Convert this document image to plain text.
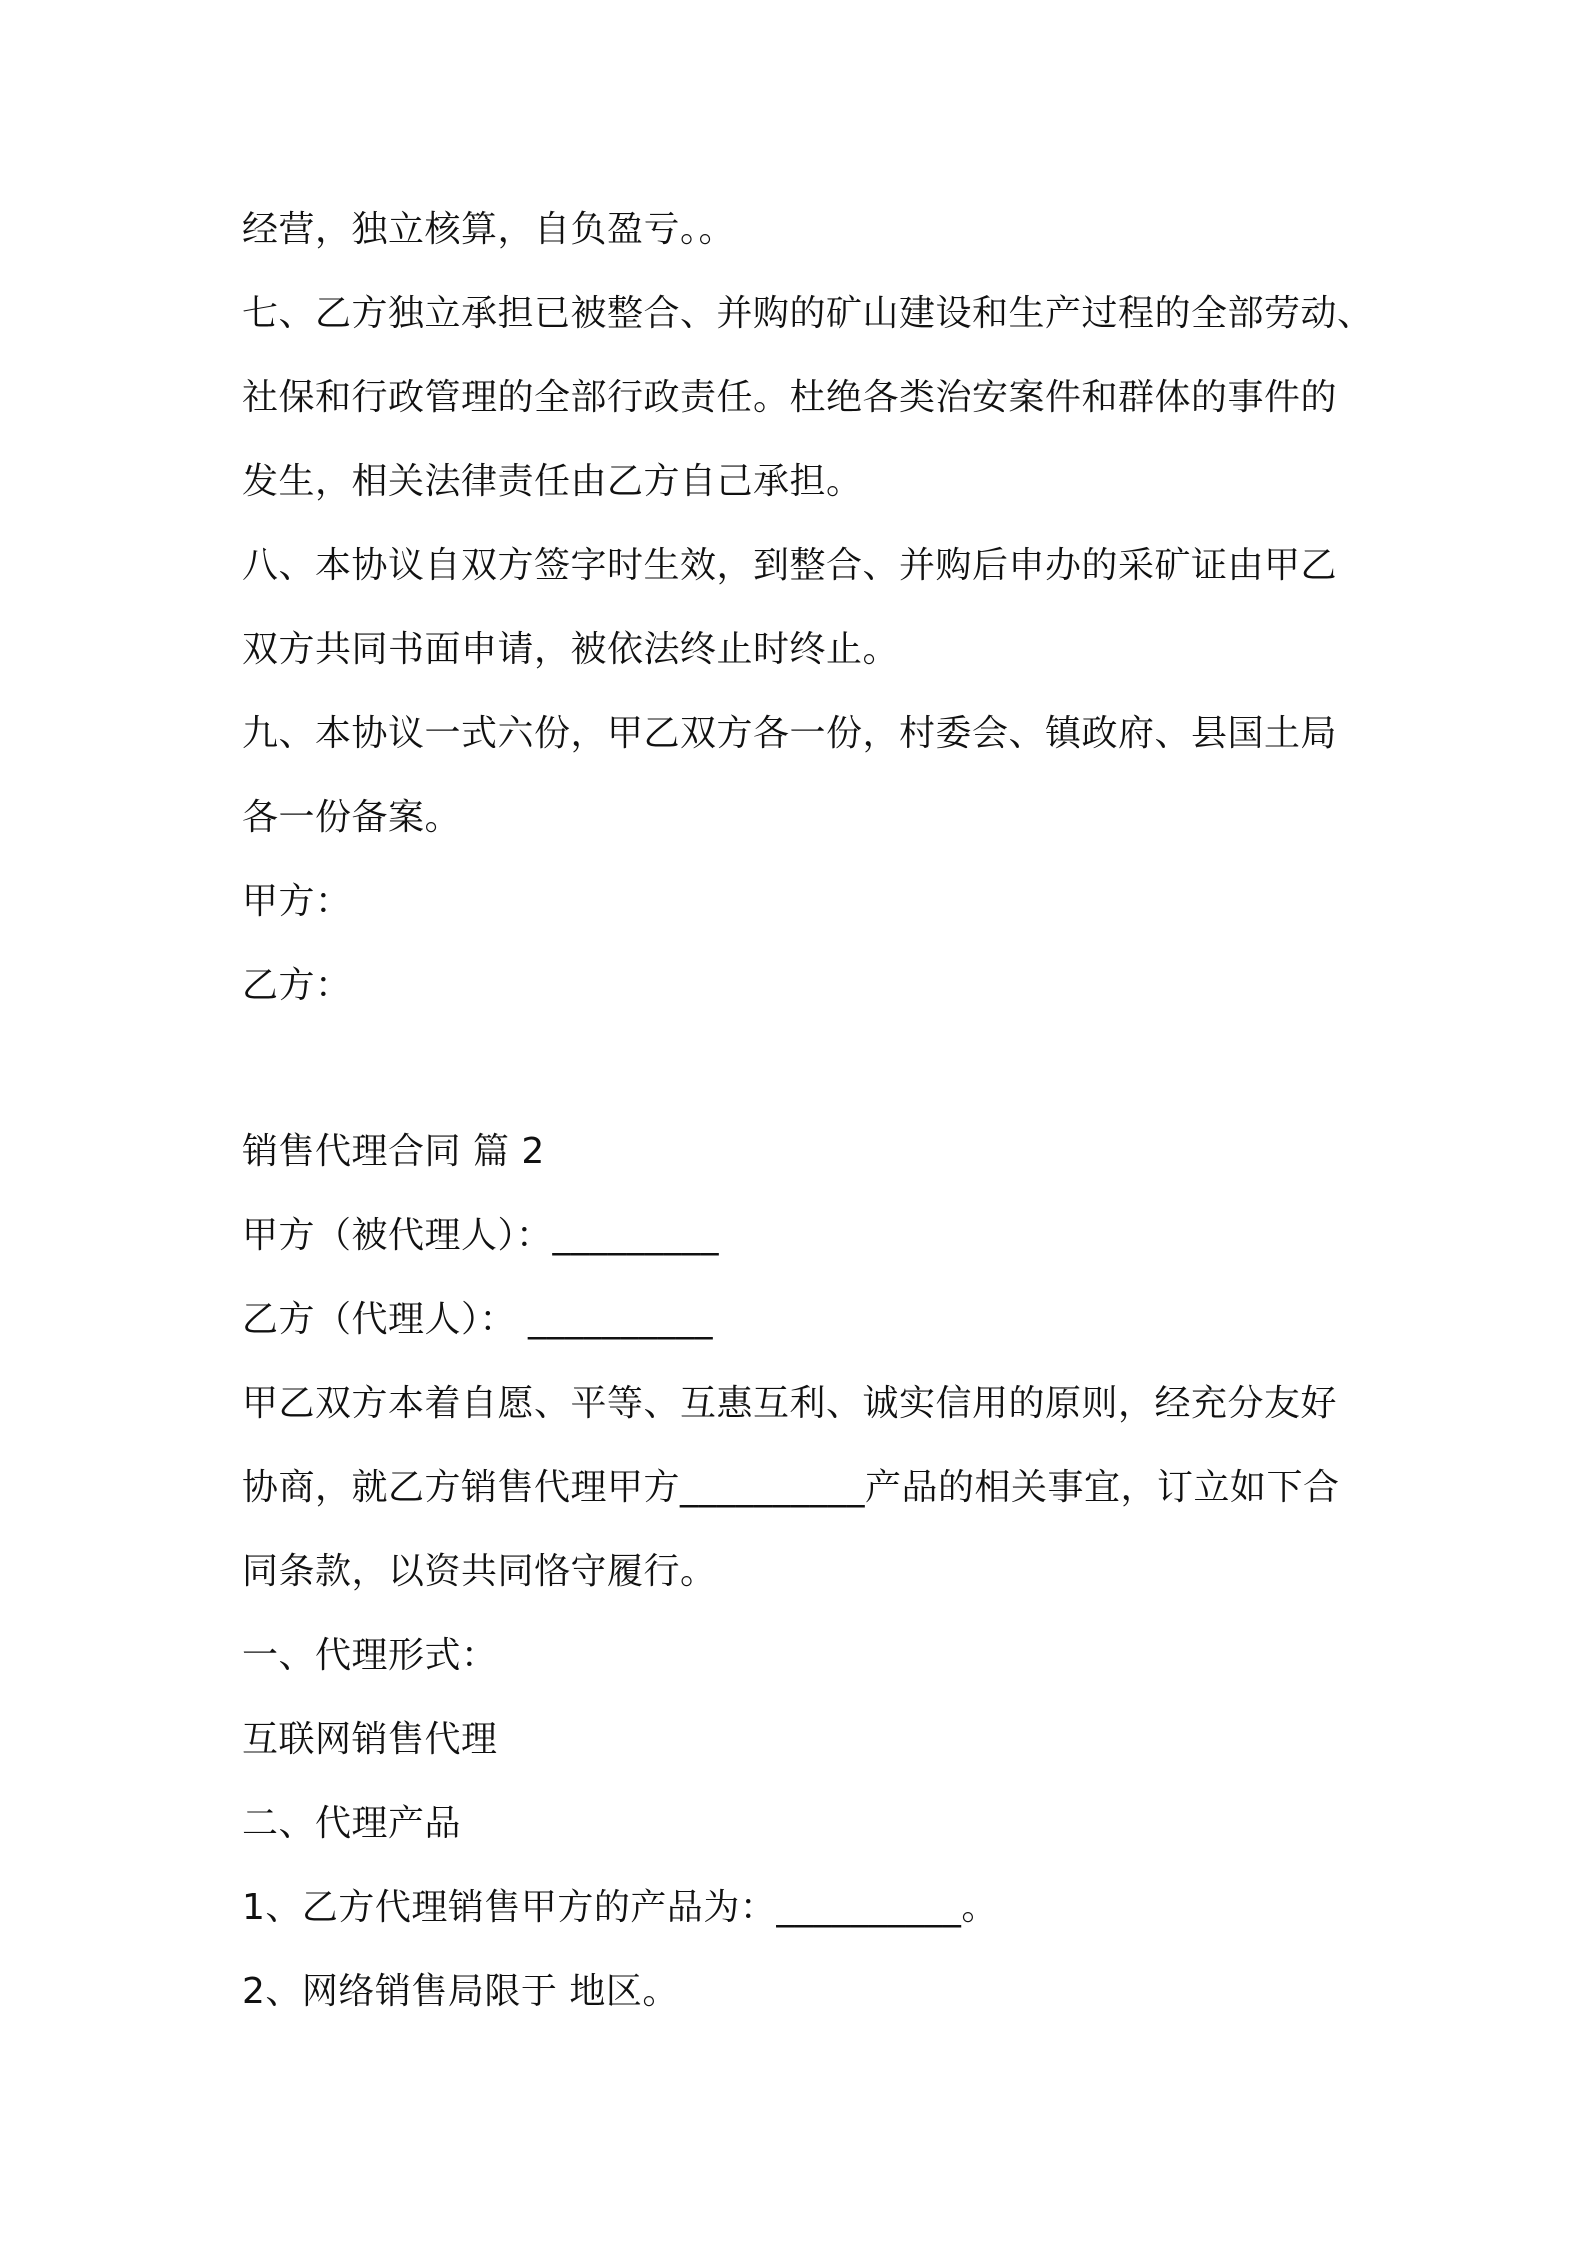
经营，独立核算，自负盈亏。。
七、乙方独立承担已被整合、并购的矿山建设和生产过程的全部劳动、
社保和行政管理的全部行政责任。杜绝各类治安案件和群体的事件的
发生，相关法律责任由乙方自己承担。
八、本协议自双方签字时生效，到整合、并购后申办的采矿证由甲乙
双方共同书面申请，被依法终止时终止。
九、本协议一式六份，甲乙双方各一份，村委会、镇政府、县国土局
各一份备案。
甲方：
乙方：
销售代理合同 篇 2
甲方（被代理人）：_________
乙方（代理人）： __________
甲乙双方本着自愿、平等、互惠互利、诚实信用的原则，经充分友好
协商，就乙方销售代理甲方__________产品的相关事宜，订立如下合
同条款，以资共同恪守履行。
一、代理形式：
互联网销售代理
二、代理产品
1、乙方代理销售甲方的产品为：__________。
2、网络销售局限于 地区。
